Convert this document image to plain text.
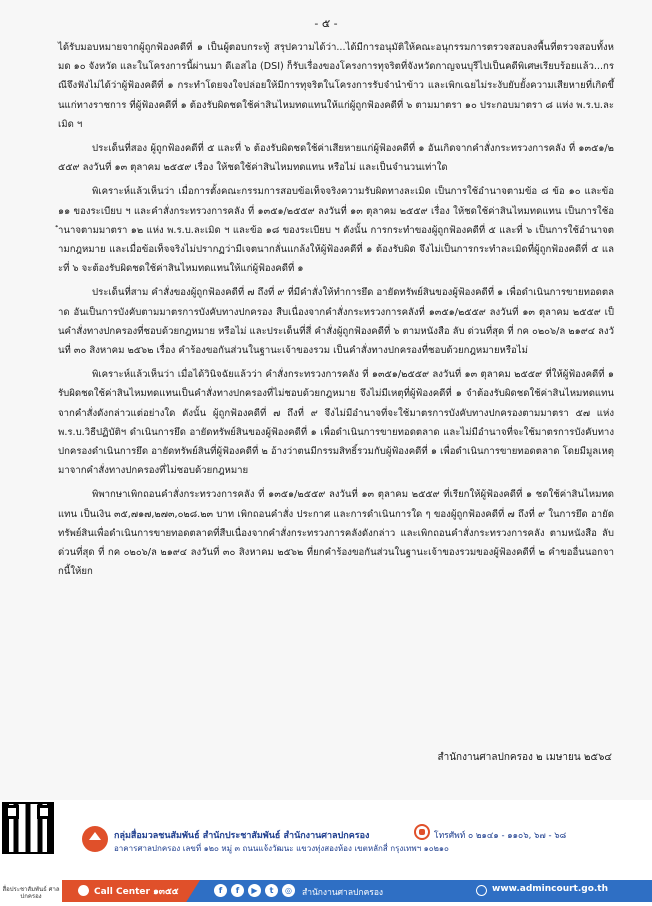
- ๕ -

ได้รับมอบหมายจากผู้ถูกฟ้องคดีที่ ๑ เป็นผู้ตอบกระทู้ สรุปความได้ว่า...ได้มีการอนุมัติให้คณะอนุกรรมการตรวจสอบลงพื้นที่ตรวจสอบทั้งหมด ๑๐ จังหวัด และในโครงการนี้ผ่านมา ดีเอสไอ (DSI) ก็รับเรื่องของโครงการทุจริตที่จังหวัดกาญจนบุรีไปเป็นคดีพิเศษเรียบร้อยแล้ว...กรณีจึงฟังไม่ได้ว่าผู้ฟ้องคดีที่ ๑ กระทำโดยจงใจปล่อยให้มีการทุจริตในโครงการรับจำนำข้าว และเพิกเฉยไม่ระงับยับยั้งความเสียหายที่เกิดขึ้นแก่ทางราชการ ที่ผู้ฟ้องคดีที่ ๑ ต้องรับผิดชดใช้ค่าสินไหมทดแทนให้แก่ผู้ถูกฟ้องคดีที่ ๖ ตามมาตรา ๑๐ ประกอบมาตรา ๘ แห่ง พ.ร.บ.ละเมิด ฯ

ประเด็นที่สอง ผู้ถูกฟ้องคดีที่ ๕ และที่ ๖ ต้องรับผิดชดใช้ค่าเสียหายแก่ผู้ฟ้องคดีที่ ๑ อันเกิดจากคำสั่งกระทรวงการคลัง ที่ ๑๓๕๑/๒๕๕๙ ลงวันที่ ๑๓ ตุลาคม ๒๕๕๙ เรื่อง ให้ชดใช้ค่าสินไหมทดแทน หรือไม่ และเป็นจำนวนเท่าใด

พิเคราะห์แล้วเห็นว่า เมื่อการตั้งคณะกรรมการสอบข้อเท็จจริงความรับผิดทางละเมิด เป็นการใช้อำนาจตามข้อ ๘ ข้อ ๑๐ และข้อ ๑๑ ของระเบียบ ฯ และคำสั่งกระทรวงการคลัง ที่ ๑๓๕๑/๒๕๕๙ ลงวันที่ ๑๓ ตุลาคม ๒๕๕๙ เรื่อง ให้ชดใช้ค่าสินไหมทดแทน เป็นการใช้อำนาจตามมาตรา ๑๒ แห่ง พ.ร.บ.ละเมิด ฯ และข้อ ๑๘ ของระเบียบ ฯ ดังนั้น การกระทำของผู้ถูกฟ้องคดีที่ ๕ และที่ ๖ เป็นการใช้อำนาจตามกฎหมาย และเมื่อข้อเท็จจริงไม่ปรากฏว่ามีเจตนากลั่นแกล้งให้ผู้ฟ้องคดีที่ ๑ ต้องรับผิด จึงไม่เป็นการกระทำละเมิดที่ผู้ถูกฟ้องคดีที่ ๕ และที่ ๖ จะต้องรับผิดชดใช้ค่าสินไหมทดแทนให้แก่ผู้ฟ้องคดีที่ ๑

ประเด็นที่สาม คำสั่งของผู้ถูกฟ้องคดีที่ ๗ ถึงที่ ๙ ที่มีคำสั่งให้ทำการยึด อายัดทรัพย์สินของผู้ฟ้องคดีที่ ๑ เพื่อดำเนินการขายทอดตลาด อันเป็นการบังคับตามมาตรการบังคับทางปกครอง สืบเนื่องจากคำสั่งกระทรวงการคลังที่ ๑๓๕๑/๒๕๕๙ ลงวันที่ ๑๓ ตุลาคม ๒๕๕๙ เป็นคำสั่งทางปกครองที่ชอบด้วยกฎหมาย หรือไม่ และประเด็นที่สี่ คำสั่งผู้ถูกฟ้องคดีที่ ๖ ตามหนังสือ ลับ ด่วนที่สุด ที่ กค ๐๒๐๖/ล ๒๑๙๔ ลงวันที่ ๓๐ สิงหาคม ๒๕๖๒ เรื่อง คำร้องขอกันส่วนในฐานะเจ้าของรวม เป็นคำสั่งทางปกครองที่ชอบด้วยกฎหมายหรือไม่

พิเคราะห์แล้วเห็นว่า เมื่อได้วินิจฉัยแล้วว่า คำสั่งกระทรวงการคลัง ที่ ๑๓๕๑/๒๕๕๙ ลงวันที่ ๑๓ ตุลาคม ๒๕๕๙ ที่ให้ผู้ฟ้องคดีที่ ๑ รับผิดชดใช้ค่าสินไหมทดแทนเป็นคำสั่งทางปกครองที่ไม่ชอบด้วยกฎหมาย จึงไม่มีเหตุที่ผู้ฟ้องคดีที่ ๑ จำต้องรับผิดชดใช้ค่าสินไหมทดแทนจากคำสั่งดังกล่าวแต่อย่างใด ดังนั้น ผู้ถูกฟ้องคดีที่ ๗ ถึงที่ ๙ จึงไม่มีอำนาจที่จะใช้มาตรการบังคับทางปกครองตามมาตรา ๕๗ แห่ง พ.ร.บ.วิธีปฏิบัติฯ ดำเนินการยึด อายัดทรัพย์สินของผู้ฟ้องคดีที่ ๑ เพื่อดำเนินการขายทอดตลาด และไม่มีอำนาจที่จะใช้มาตรการบังคับทางปกครองดำเนินการยึด อายัดทรัพย์สินที่ผู้ฟ้องคดีที่ ๒ อ้างว่าตนมีกรรมสิทธิ์รวมกับผู้ฟ้องคดีที่ ๑ เพื่อดำเนินการขายทอดตลาด โดยมีมูลเหตุมาจากคำสั่งทางปกครองที่ไม่ชอบด้วยกฎหมาย

พิพากษาเพิกถอนคำสั่งกระทรวงการคลัง ที่ ๑๓๕๑/๒๕๕๙ ลงวันที่ ๑๓ ตุลาคม ๒๕๕๙ ที่เรียกให้ผู้ฟ้องคดีที่ ๑ ชดใช้ค่าสินไหมทดแทน เป็นเงิน ๓๕,๗๑๗,๒๗๓,๐๒๘.๒๓ บาท เพิกถอนคำสั่ง ประกาศ และการดำเนินการใด ๆ ของผู้ถูกฟ้องคดีที่ ๗ ถึงที่ ๙ ในการยึด อายัดทรัพย์สินเพื่อดำเนินการขายทอดตลาดที่สืบเนื่องจากคำสั่งกระทรวงการคลังดังกล่าว และเพิกถอนคำสั่งกระทรวงการคลัง ตามหนังสือ ลับ ด่วนที่สุด ที่ กค ๐๒๐๖/ล ๒๑๙๔ ลงวันที่ ๓๐ สิงหาคม ๒๕๖๒ ที่ยกคำร้องขอกันส่วนในฐานะเจ้าของรวมของผู้ฟ้องคดีที่ ๒ คำขออื่นนอกจากนี้ให้ยก

สำนักงานศาลปกครอง ๒ เมษายน ๒๕๖๔
สื่อประชาสัมพันธ์ ศาลปกครอง
กลุ่มสื่อมวลชนสัมพันธ์ สำนักประชาสัมพันธ์ สำนักงานศาลปกครอง
อาคารศาลปกครอง เลขที่ ๑๒๐ หมู่ ๓ ถนนแจ้งวัฒนะ แขวงทุ่งสองห้อง เขตหลักสี่ กรุงเทพฯ ๑๐๒๑๐
โทรศัพท์ ๐ ๒๑๔๑ - ๑๑๐๖, ๖๗ - ๖๘
Call Center ๑๓๕๕	f	f	▶	t	◎	สำนักงานศาลปกครอง	www.admincourt.go.th
